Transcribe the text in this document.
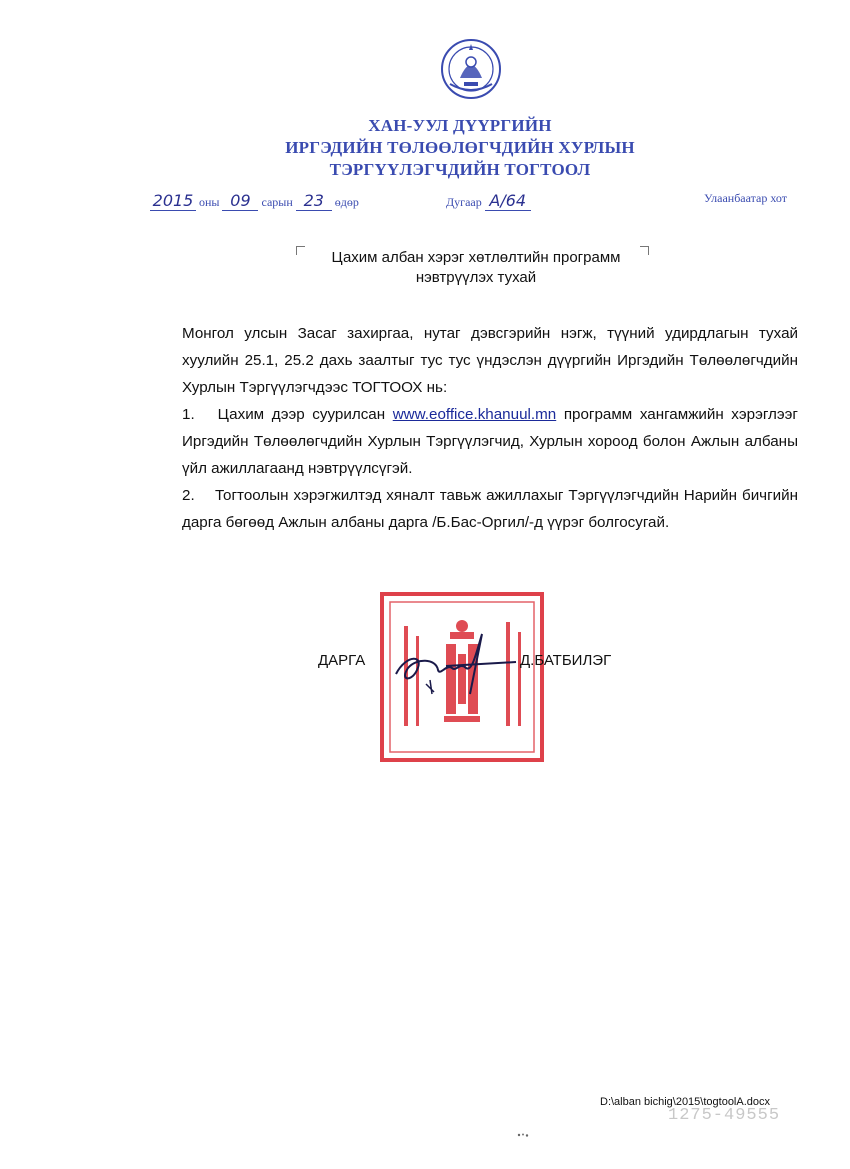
ХАН-УУЛ ДҮҮРГИЙН
ИРГЭДИЙН ТӨЛӨӨЛӨГЧДИЙН ХУРЛЫН
ТЭРГҮҮЛЭГЧДИЙН ТОГТООЛ
2015 оны 09 сарын 23 өдөр	Дугаар А/64	Улаанбаатар хот
Цахим албан хэрэг хөтлөлтийн программ
нэвтрүүлэх тухай

Монгол улсын Засаг захиргаа, нутаг дэвсгэрийн нэгж, түүний удирдлагын тухай хуулийн 25.1, 25.2 дахь заалтыг тус тус үндэслэн дүүргийн Иргэдийн Төлөөлөгчдийн Хурлын Тэргүүлэгчдээс ТОГТООХ нь:

1. Цахим дээр суурилсан www.eoffice.khanuul.mn программ хангамжийн хэрэглээг Иргэдийн Төлөөлөгчдийн Хурлын Тэргүүлэгчид, Хурлын хороод болон Ажлын албаны үйл ажиллагаанд нэвтрүүлсүгэй.

2. Тогтоолын хэрэгжилтэд хяналт тавьж ажиллахыг Тэргүүлэгчдийн Нарийн бичгийн дарга бөгөөд Ажлын албаны дарга /Б.Бас-Оргил/-д үүрэг болгосугай.

ДАРГА	Д.БАТБИЛЭГ
1275-49555
D:\alban bichig\2015\togtoolA.docx
